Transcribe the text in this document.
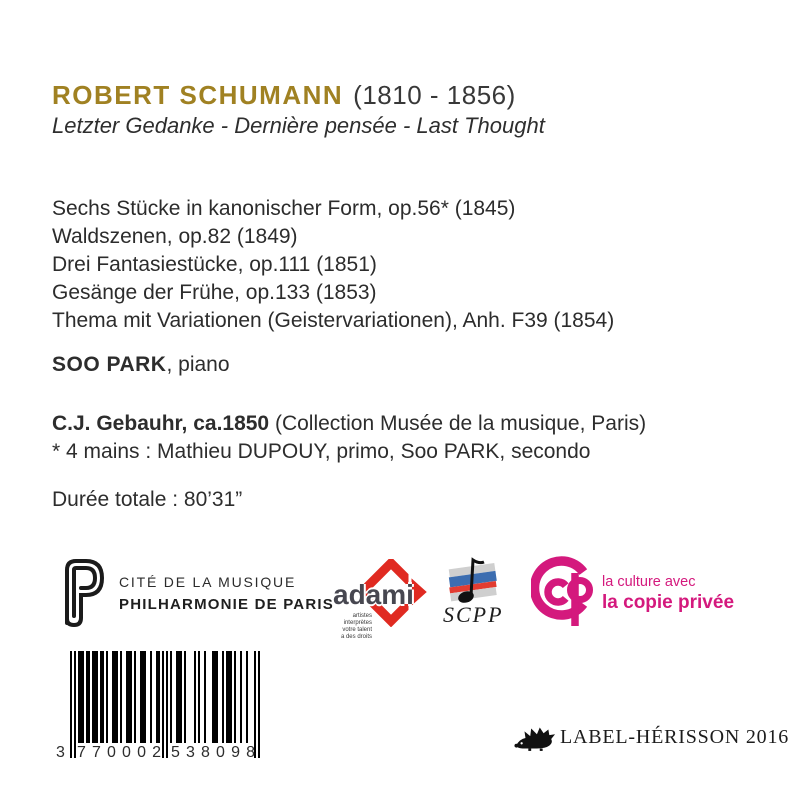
ROBERT SCHUMANN (1810 - 1856)
Letzter Gedanke - Dernière pensée - Last Thought
Sechs Stücke in kanonischer Form, op.56* (1845)
Waldszenen, op.82 (1849)
Drei Fantasiestücke, op.111 (1851)
Gesänge der Frühe, op.133 (1853)
Thema mit Variationen (Geistervariationen), Anh. F39 (1854)
SOO PARK, piano
C.J. Gebauhr, ca.1850 (Collection Musée de la musique, Paris)
* 4 mains : Mathieu DUPOUY, primo, Soo PARK, secondo
Durée totale : 80’31”
CITÉ DE LA MUSIQUE
PHILHARMONIE DE PARIS adami
artistes interprètes
votre talent
a des droits
SCPP
la culture avec
la copie privée
3 7 7 0 0 0 2 5 3 8 0 9 8
LABEL-HÉRISSON 2016
